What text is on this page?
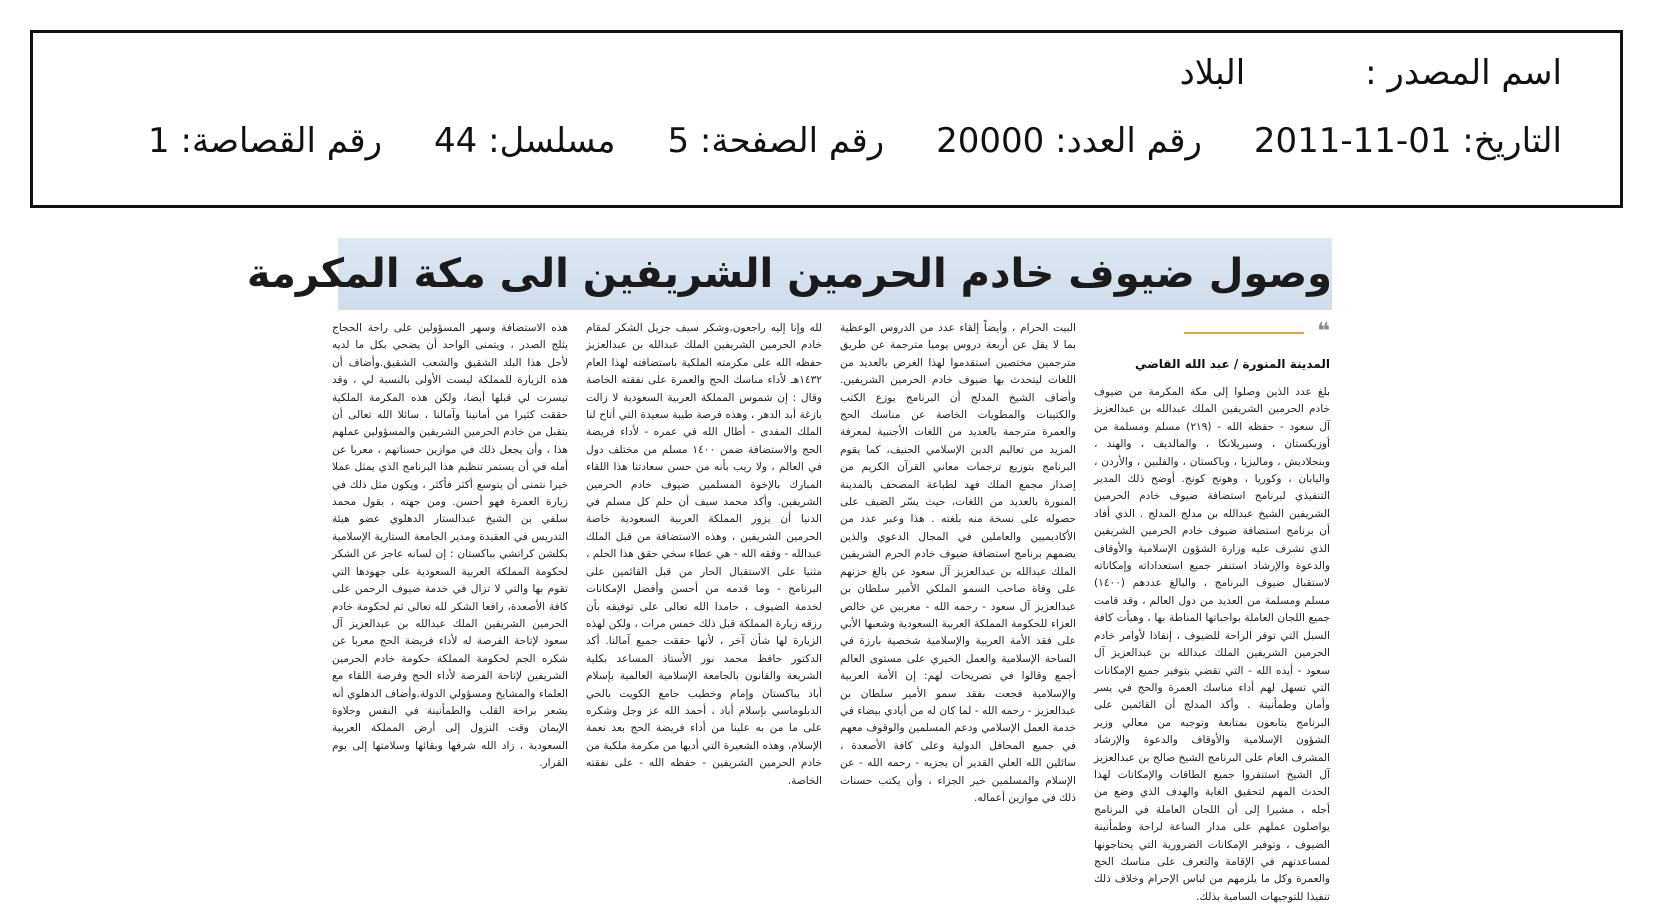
اسم المصدر :البلاد
التاريخ: 2011-11-01رقم العدد: 20000رقم الصفحة: 5مسلسل: 44رقم القصاصة: 1
وصول ضيوف خادم الحرمين الشريفين الى مكة المكرمة
❝
المدينة المنورة / عبد الله القاضي

بلغ عدد الذين وصلوا إلى مكة المكرمة من ضيوف خادم الحرمين الشريفين الملك عبدالله بن عبدالعزيز آل سعود - حفظه الله - (٢١٩) مسلم ومسلمة من أوزبكستان ، وسيريلانكا ، والمالديف ، والهند ، وبنجلاديش ، وماليزيا ، وباكستان ، والفلبين ، والأردن ، واليابان ، وكوريا ، وهونج كونج. أوضح ذلك المدير التنفيذي لبرنامج استضافة ضيوف خادم الحرمين الشريفين الشيخ عبدالله بن مدلج المدلج . الذي أفاد أن برنامج استضافة ضيوف خادم الحرمين الشريفين الذي تشرف عليه وزارة الشؤون الإسلامية والأوقاف والدعوة والإرشاد استنفر جميع استعداداته وإمكاناته لاستقبال ضيوف البرنامج ، والبالغ عددهم (١٤٠٠) مسلم ومسلمة من العديد من دول العالم ، وقد قامت جميع اللجان العاملة بواجباتها المناطة بها ، وهيأت كافة السبل التي توفر الراحة للضيوف ، إنفاذا لأوامر خادم الحرمين الشريفين الملك عبدالله بن عبدالعزيز آل سعود - أيده الله - التي تقضي بتوفير جميع الإمكانات التي تسهل لهم أداء مناسك العمرة والحج في يسر وأمان وطمأنينة . وأكد المدلج أن القائمين على البرنامج يتابعون بمتابعة وتوجيه من معالي وزير الشؤون الإسلامية والأوقاف والدعوة والإرشاد المشرف العام على البرنامج الشيخ صالح بن عبدالعزيز آل الشيخ استنفروا جميع الطاقات والإمكانات لهذا الحدث المهم لتحقيق الغاية والهدف الذي وضع من أجله ، مشيرا إلى أن اللجان العاملة في البرنامج يواصلون عملهم على مدار الساعة لراحة وطمأنينة الضيوف ، وتوفير الإمكانات الضرورية التي يحتاجونها لمساعدتهم في الإقامة والتعرف على مناسك الحج والعمرة وكل ما يلزمهم من لباس الإحرام وخلاف ذلك تنفيذا للتوجيهات السامية بذلك.

البيت الحرام ، وأيضاً إلقاء عدد من الدروس الوعظية بما لا يقل عن أربعة دروس يوميا مترجمة عن طريق مترجمين مختصين استقدموا لهذا الغرض بالعديد من اللغات ليتحدث بها ضيوف خادم الحرمين الشريفين. وأضاف الشيخ المدلج أن البرنامج يوزع الكتب والكتيبات والمطويات الخاصة عن مناسك الحج والعمرة مترجمة بالعديد من اللغات الأجنبية لمعرفة المزيد من تعاليم الدين الإسلامي الحنيف، كما يقوم البرنامج بتوزيع ترجمات معاني القرآن الكريم من إصدار مجمع الملك فهد لطباعة المصحف بالمدينة المنورة بالعديد من اللغات، حيث يسّر الضيف على حصوله على نسخة منه بلغته . هذا وعبر عدد من الأكاديميين والعاملين في المجال الدعوي والذين يضمهم برنامج استضافة ضيوف خادم الحرم الشريفين الملك عبدالله بن عبدالعزيز آل سعود عن بالغ حزنهم على وفاة صاحب السمو الملكي الأمير سلطان بن عبدالعزيز آل سعود - رحمه الله - معربين عن خالص العزاء للحكومة المملكة العربية السعودية وشعبها الأبي على فقد الأمة العربية والإسلامية شخصية بارزة في الساحة الإسلامية والعمل الخيري على مستوى العالم أجمع وقالوا في تصريحات لهم: إن الأمة العربية والإسلامية فجعت بفقد سمو الأمير سلطان بن عبدالعزيز - رحمه الله - لما كان له من أيادي بيضاء في خدمة العمل الإسلامي ودعم المسلمين والوقوف معهم في جميع المحافل الدولية وعلى كافة الأصعدة ، سائلين الله العلي القدير أن يجزيه - رحمه الله - عن الإسلام والمسلمين خير الجزاء ، وأن يكتب حسنات ذلك في موازين أعماله.

لله وإنا إليه راجعون.وشكر سيف جزيل الشكر لمقام خادم الحرمين الشريفين الملك عبدالله بن عبدالعزيز حفظه الله على مكرمته الملكية باستضافته لهذا العام ١٤٣٢هـ لأداء مناسك الحج والعمرة على نفقته الخاصة وقال : إن شموس المملكة العربية السعودية لا زالت بازغة أبد الدهر ، وهذه فرصة طيبة سعيدة التي أتاح لنا الملك المفدى - أطال الله في عمره - لأداء فريضة الحج والاستضافة ضمن ١٤٠٠ مسلم من مختلف دول في العالم ، ولا ريب بأنه من حسن سعادتنا هذا اللقاء المبارك بالإخوة المسلمين ضيوف خادم الحرمين الشريفين. وأكد محمد سيف أن حلم كل مسلم في الدنيا أن يزور المملكة العربية السعودية خاصة الحرمين الشريفين ، وهذه الاستضافة من قبل الملك عبدالله - وفقه الله - هي عطاء سخي حقق هذا الحلم ، مثنيا على الاستقبال الحار من قبل القائمين على البرنامج - وما قدمه من أحسن وأفضل الإمكانات لخدمة الضيوف ، حامدا الله تعالى على توفيقه بأن رزقه زيارة المملكة قبل ذلك خمس مرات ، ولكن لهذه الزيارة لها شأن آخر ، لأنها حققت جميع آمالنا. أكد الدكتور حافظ محمد نور الأستاذ المساعد بكلية الشريعة والقانون بالجامعة الإسلامية العالمية بإسلام أباد بباكستان وإمام وخطيب جامع الكويت بالحي الدبلوماسي بإسلام أباد ، أحمد الله عز وجل وشكره على ما من به علينا من أداء فريضة الحج بعد نعمة الإسلام، وهذه الشعيرة التي أديها من مكرمة ملكية من خادم الحرمين الشريفين - حفظه الله - على نفقته الخاصة.

هذه الاستضافة وسهر المسؤولين على راحة الحجاج يثلج الصدر ، ويتمنى الواحد أن يضحي بكل ما لديه لأجل هذا البلد الشقيق والشعب الشقيق.وأضاف أن هذه الزيارة للمملكة ليست الأولى بالنسبة لي ، وقد تيسرت لي قبلها أيضا، ولكن هذه المكرمة الملكية حققت كثيرا من أمانينا وآمالنا ، سائلا الله تعالى أن يتقبل من خادم الحرمين الشريفين والمسؤولين عملهم هذا ، وأن يجعل ذلك في موازين حسناتهم ، معربا عن أمله في أن يستمر تنظيم هذا البرنامج الذي يمثل عملا خيرا نتمنى أن يتوسع أكثر فأكثر ، ويكون مثل ذلك في زيارة العمرة فهو أحسن. ومن جهته ، يقول محمد سلفي بن الشيخ عبدالستار الدهلوي عضو هيئة التدريس في العقيدة ومدير الجامعة الستارية الإسلامية بكلشن كراتشي بباكستان : إن لسانه عاجز عن الشكر لحكومة المملكة العربية السعودية على جهودها التي تقوم بها والتي لا تزال في خدمة ضيوف الرحمن على كافة الأصعدة، رافعا الشكر لله تعالى ثم لحكومة خادم الحرمين الشريفين الملك عبدالله بن عبدالعزيز آل سعود لإتاحة الفرصة له لأداء فريضة الحج معربا عن شكره الجم لحكومة المملكة حكومة خادم الحرمين الشريفين لإتاحة الفرصة لأداء الحج وفرصة اللقاء مع العلماء والمشايخ ومسؤولي الدولة.وأضاف الدهلوي أنه يشعر براحة القلب والطمأنينة في النفس وحلاوة الإيمان وقت النزول إلى أرض المملكة العربية السعودية ، زاد الله شرفها وبقائها وسلامتها إلى يوم القرار.
